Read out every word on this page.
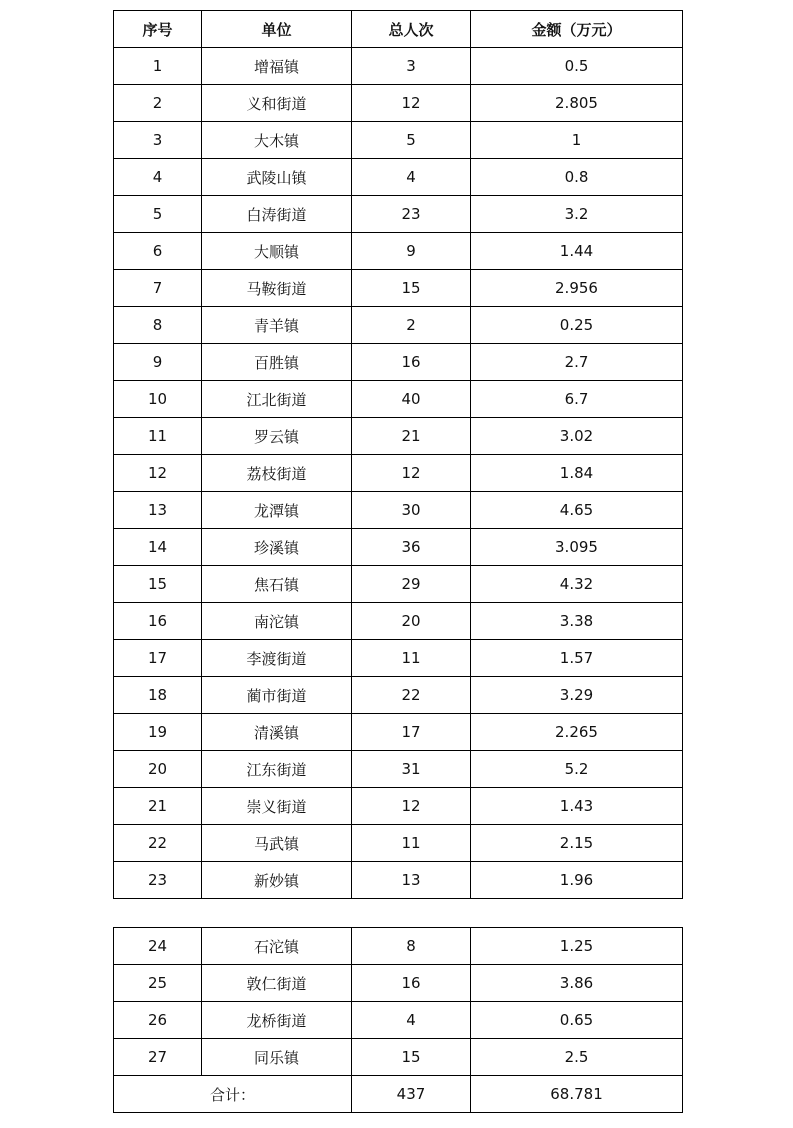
序号	单位	总人次	金额（万元）
1	增福镇	3	0.5
2	义和街道	12	2.805
3	大木镇	5	1
4	武陵山镇	4	0.8
5	白涛街道	23	3.2
6	大顺镇	9	1.44
7	马鞍街道	15	2.956
8	青羊镇	2	0.25
9	百胜镇	16	2.7
10	江北街道	40	6.7
11	罗云镇	21	3.02
12	荔枝街道	12	1.84
13	龙潭镇	30	4.65
14	珍溪镇	36	3.095
15	焦石镇	29	4.32
16	南沱镇	20	3.38
17	李渡街道	11	1.57
18	蔺市街道	22	3.29
19	清溪镇	17	2.265
20	江东街道	31	5.2
21	崇义街道	12	1.43
22	马武镇	11	2.15
23	新妙镇	13	1.96
24	石沱镇	8	1.25
25	敦仁街道	16	3.86
26	龙桥街道	4	0.65
27	同乐镇	15	2.5
合计：		437	68.781
